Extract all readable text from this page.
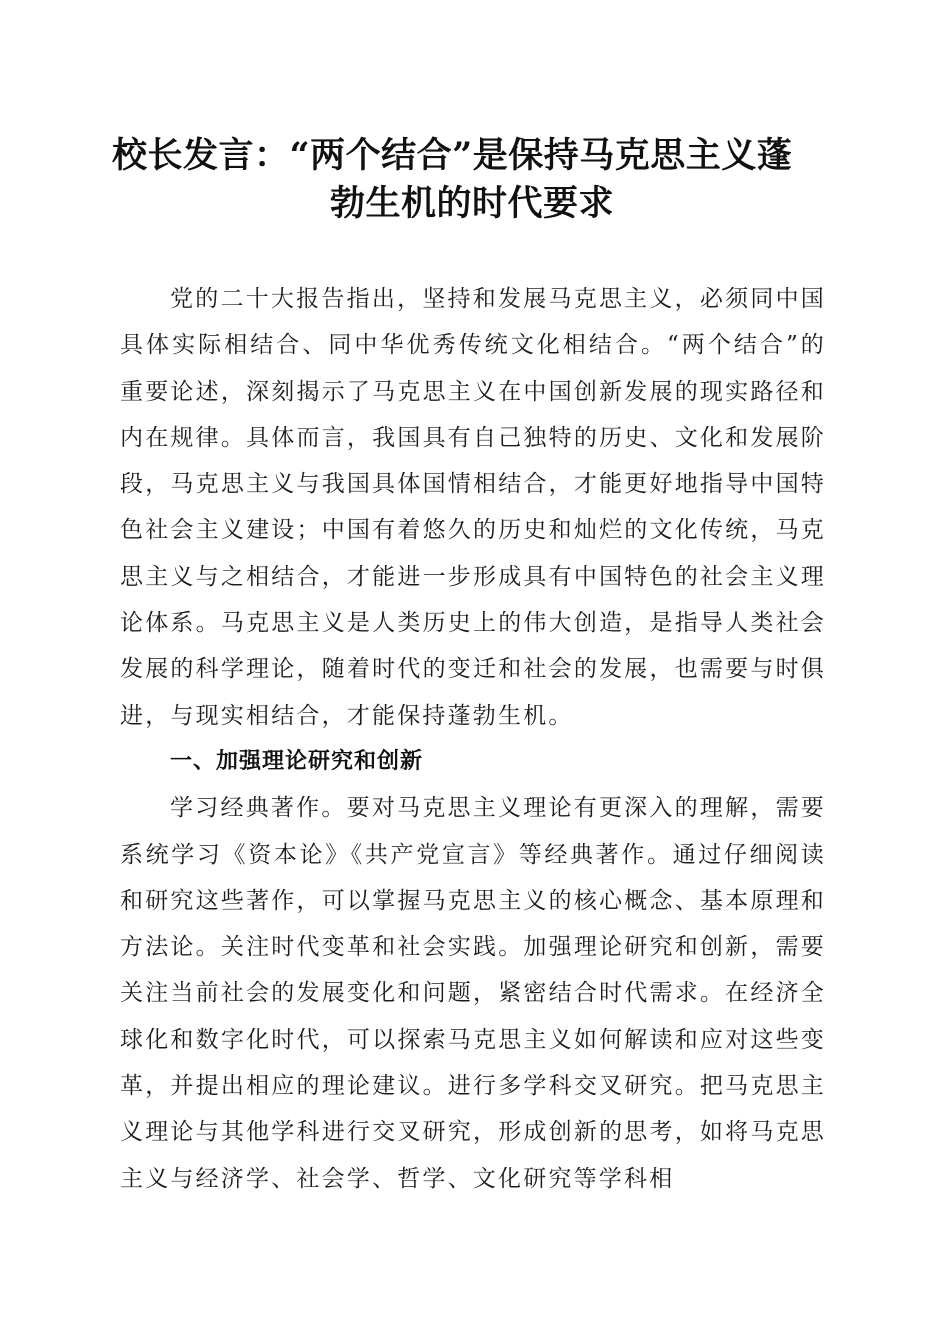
校长发言：“两个结合”是保持马克思主义蓬
勃生机的时代要求

党的二十大报告指出，坚持和发展马克思主义，必须同中国具体实际相结合、同中华优秀传统文化相结合。“两个结合”的重要论述，深刻揭示了马克思主义在中国创新发展的现实路径和内在规律。具体而言，我国具有自己独特的历史、文化和发展阶段，马克思主义与我国具体国情相结合，才能更好地指导中国特色社会主义建设；中国有着悠久的历史和灿烂的文化传统，马克思主义与之相结合，才能进一步形成具有中国特色的社会主义理论体系。马克思主义是人类历史上的伟大创造，是指导人类社会发展的科学理论，随着时代的变迁和社会的发展，也需要与时俱进，与现实相结合，才能保持蓬勃生机。

一、加强理论研究和创新

学习经典著作。要对马克思主义理论有更深入的理解，需要系统学习《资本论》《共产党宣言》等经典著作。通过仔细阅读和研究这些著作，可以掌握马克思主义的核心概念、基本原理和方法论。关注时代变革和社会实践。加强理论研究和创新，需要关注当前社会的发展变化和问题，紧密结合时代需求。在经济全球化和数字化时代，可以探索马克思主义如何解读和应对这些变革，并提出相应的理论建议。进行多学科交叉研究。把马克思主义理论与其他学科进行交叉研究，形成创新的思考，如将马克思主义与经济学、社会学、哲学、文化研究等学科相
